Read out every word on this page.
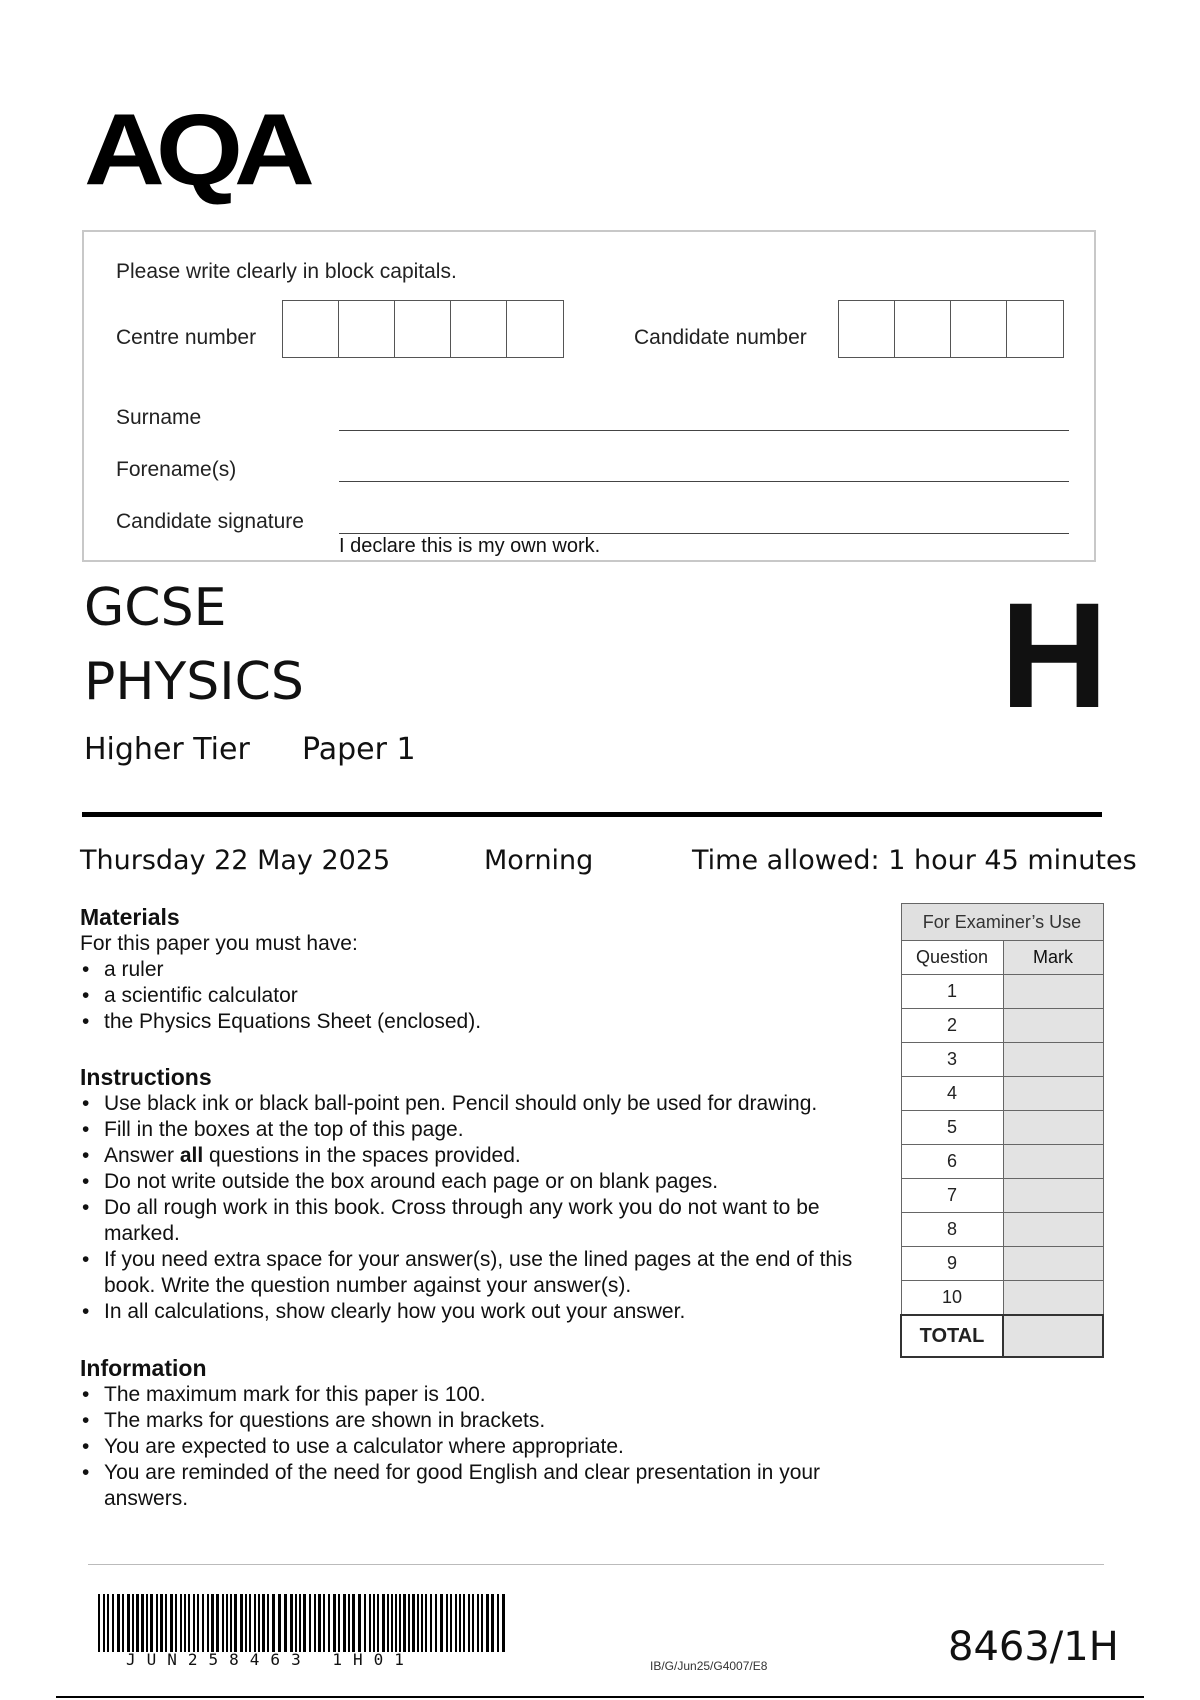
AQA
Please write clearly in block capitals.
Centre number	Candidate number
Surname
Forename(s)
Candidate signature
I declare this is my own work.
GCSE
PHYSICS
Higher Tier Paper 1
H
Thursday 22 May 2025	Morning	Time allowed: 1 hour 45 minutes
Materials
For this paper you must have:
• a ruler
• a scientific calculator
• the Physics Equations Sheet (enclosed).
Instructions
• Use black ink or black ball-point pen. Pencil should only be used for drawing.
• Fill in the boxes at the top of this page.
• Answer all questions in the spaces provided.
• Do not write outside the box around each page or on blank pages.
• Do all rough work in this book. Cross through any work you do not want to be marked.
• If you need extra space for your answer(s), use the lined pages at the end of this book. Write the question number against your answer(s).
• In all calculations, show clearly how you work out your answer.
Information
• The maximum mark for this paper is 100.
• The marks for questions are shown in brackets.
• You are expected to use a calculator where appropriate.
• You are reminded of the need for good English and clear presentation in your answers.
For Examiner’s Use	
Question	Mark
1	
2	
3	
4	
5	
6	
7	
8	
9	
10	
TOTAL	
JUN258463 1H01	IB/G/Jun25/G4007/E8	8463/1H
